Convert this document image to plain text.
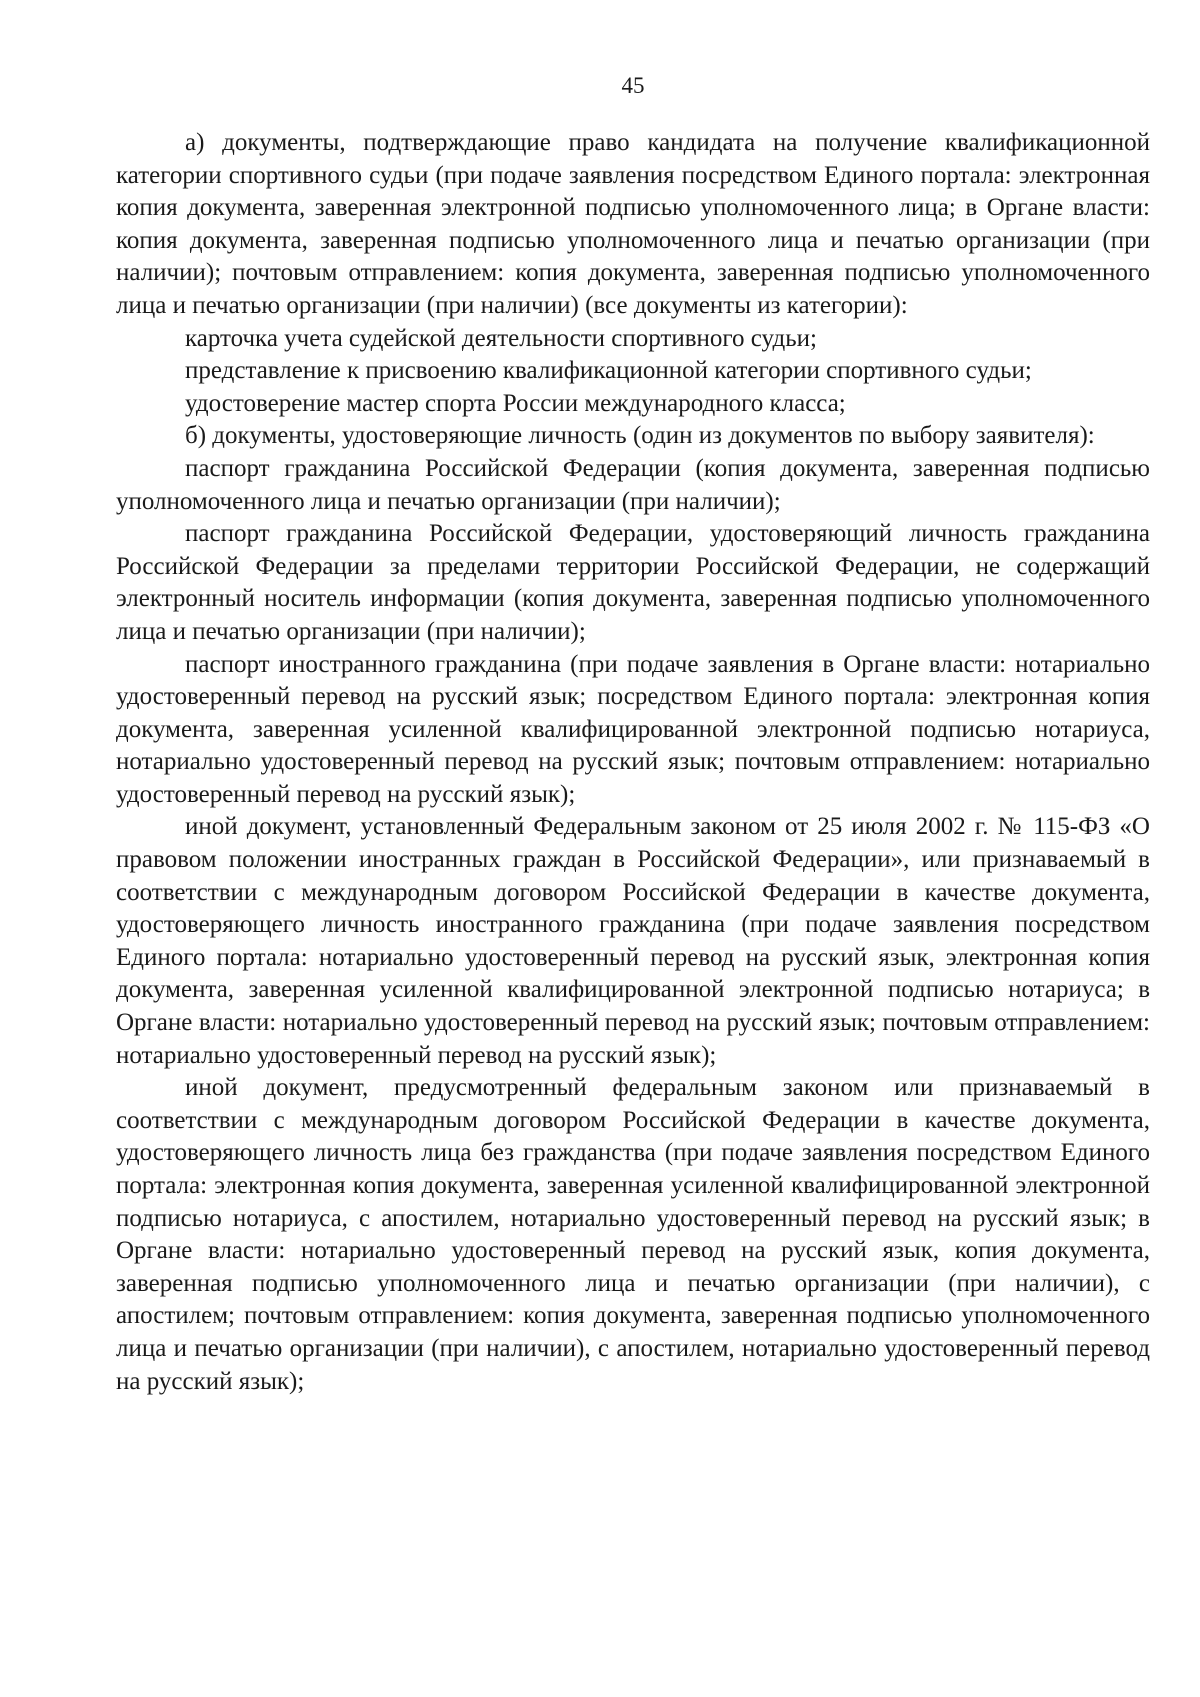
45

а) документы, подтверждающие право кандидата на получение квалификационной категории спортивного судьи (при подаче заявления посредством Единого портала: электронная копия документа, заверенная электронной подписью уполномоченного лица; в Органе власти: копия документа, заверенная подписью уполномоченного лица и печатью организации (при наличии); почтовым отправлением: копия документа, заверенная подписью уполномоченного лица и печатью организации (при наличии) (все документы из категории):

карточка учета судейской деятельности спортивного судьи;

представление к присвоению квалификационной категории спортивного судьи;

удостоверение мастер спорта России международного класса;

б) документы, удостоверяющие личность (один из документов по выбору заявителя):

паспорт гражданина Российской Федерации (копия документа, заверенная подписью уполномоченного лица и печатью организации (при наличии);

паспорт гражданина Российской Федерации, удостоверяющий личность гражданина Российской Федерации за пределами территории Российской Федерации, не содержащий электронный носитель информации (копия документа, заверенная подписью уполномоченного лица и печатью организации (при наличии);

паспорт иностранного гражданина (при подаче заявления в Органе власти: нотариально удостоверенный перевод на русский язык; посредством Единого портала: электронная копия документа, заверенная усиленной квалифицированной электронной подписью нотариуса, нотариально удостоверенный перевод на русский язык; почтовым отправлением: нотариально удостоверенный перевод на русский язык);

иной документ, установленный Федеральным законом от 25 июля 2002 г. № 115-ФЗ «О правовом положении иностранных граждан в Российской Федерации», или признаваемый в соответствии с международным договором Российской Федерации в качестве документа, удостоверяющего личность иностранного гражданина (при подаче заявления посредством Единого портала: нотариально удостоверенный перевод на русский язык, электронная копия документа, заверенная усиленной квалифицированной электронной подписью нотариуса; в Органе власти: нотариально удостоверенный перевод на русский язык; почтовым отправлением: нотариально удостоверенный перевод на русский язык);

иной документ, предусмотренный федеральным законом или признаваемый в соответствии с международным договором Российской Федерации в качестве документа, удостоверяющего личность лица без гражданства (при подаче заявления посредством Единого портала: электронная копия документа, заверенная усиленной квалифицированной электронной подписью нотариуса, с апостилем, нотариально удостоверенный перевод на русский язык; в Органе власти: нотариально удостоверенный перевод на русский язык, копия документа, заверенная подписью уполномоченного лица и печатью организации (при наличии), с апостилем; почтовым отправлением: копия документа, заверенная подписью уполномоченного лица и печатью организации (при наличии), с апостилем, нотариально удостоверенный перевод на русский язык);
